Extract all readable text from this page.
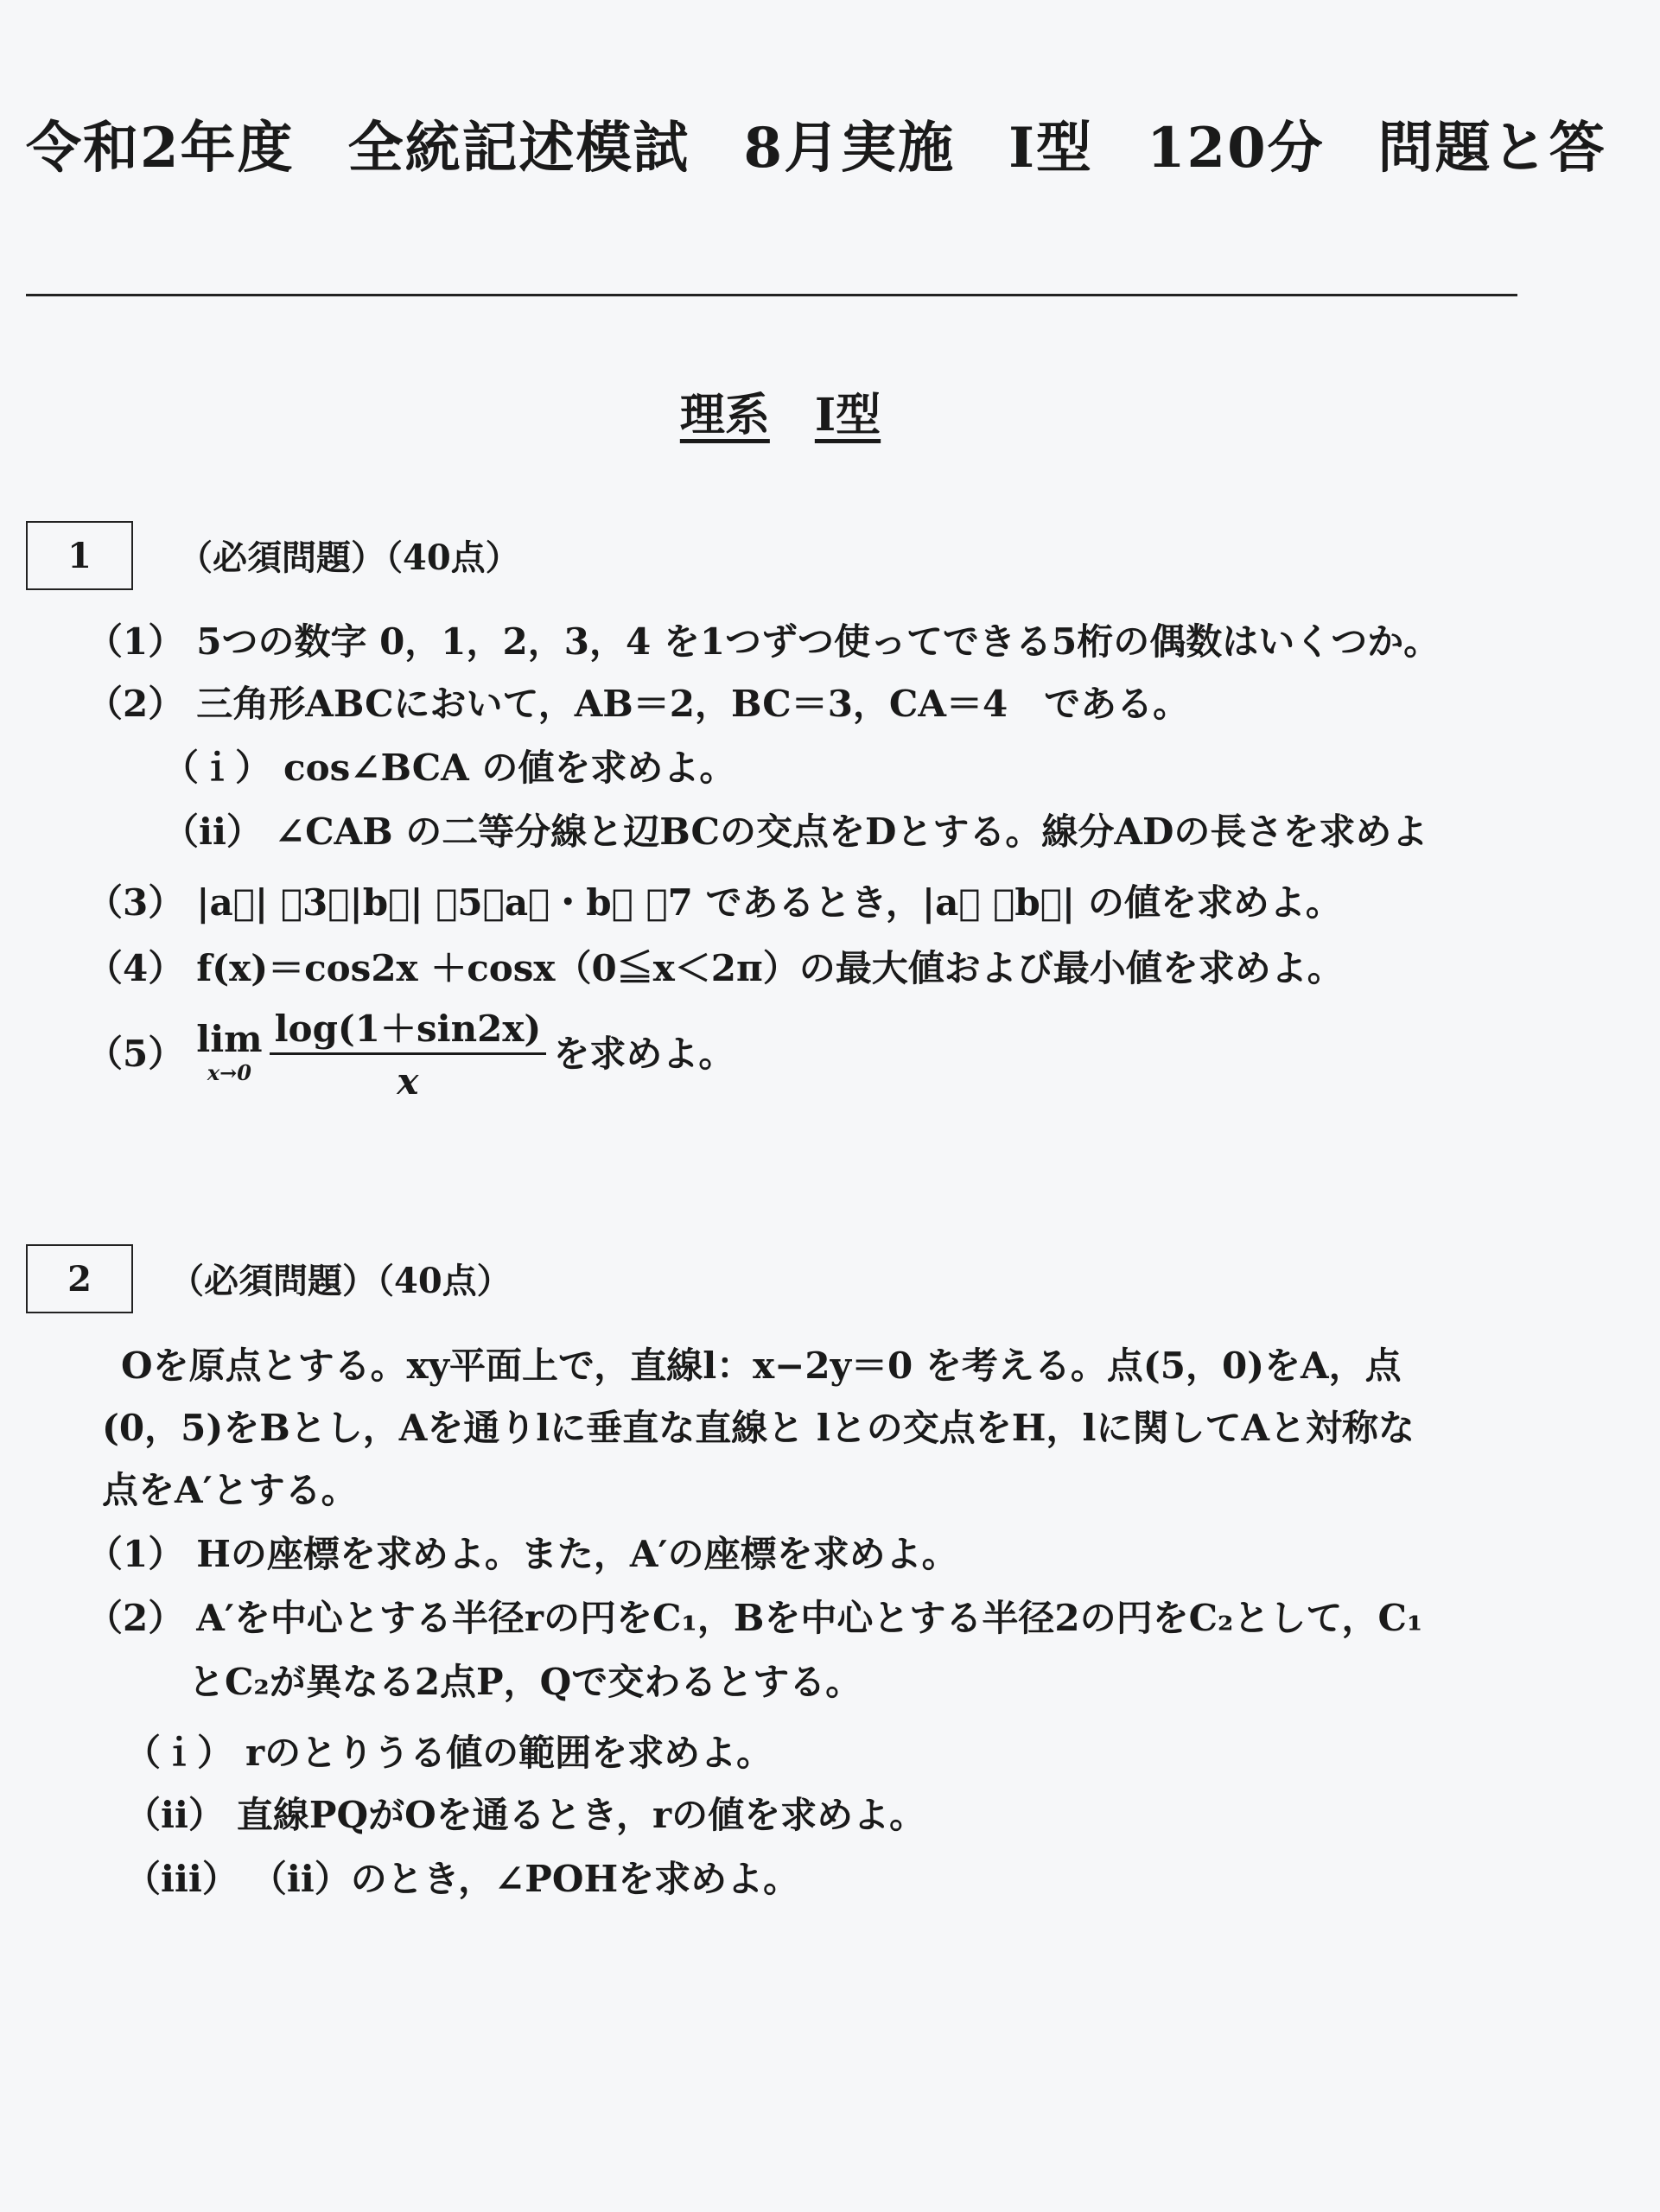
令和2年度 全統記述模試 8月実施 Ⅰ型 120分 問題と答
理系 Ⅰ型
1	（必須問題）（40点）
（1） 5つの数字 0，1，2，3，4 を1つずつ使ってできる5桁の偶数はいくつか。
（2） 三角形ABCにおいて，AB＝2，BC＝3，CA＝4　である。
（ｉ） cos∠BCA の値を求めよ。
（ⅱ） ∠CAB の二等分線と辺BCの交点をDとする。線分ADの長さを求めよ
（3） |a⃗| ＝3，|b⃗| ＝5，a⃗・b⃗ ＝7 であるとき，|a⃗ ＋b⃗| の値を求めよ。
（4） f(x)＝cos2x ＋cosx（0≦x＜2π）の最大値および最小値を求めよ。
（5） lim
$x\to 0 \frac{\log(1+\sin 2x)}{x}$ を求めよ。
2 （必須問題）（40点）
Oを原点とする。xy平面上で，直線l：x−2y＝0 を考える。点(5，0)をA，点
(0，5)をBとし，Aを通りlに垂直な直線と lとの交点をH，lに関してAと対称な
点をA′とする。
（1） Hの座標を求めよ。また，A′の座標を求めよ。
（2） A′を中心とする半径rの円をC₁，Bを中心とする半径2の円をC₂として，C₁
とC₂が異なる2点P，Qで交わるとする。
（ｉ） rのとりうる値の範囲を求めよ。
（ⅱ） 直線PQがOを通るとき，rの値を求めよ。
（ⅲ） （ⅱ）のとき，∠POHを求めよ。
